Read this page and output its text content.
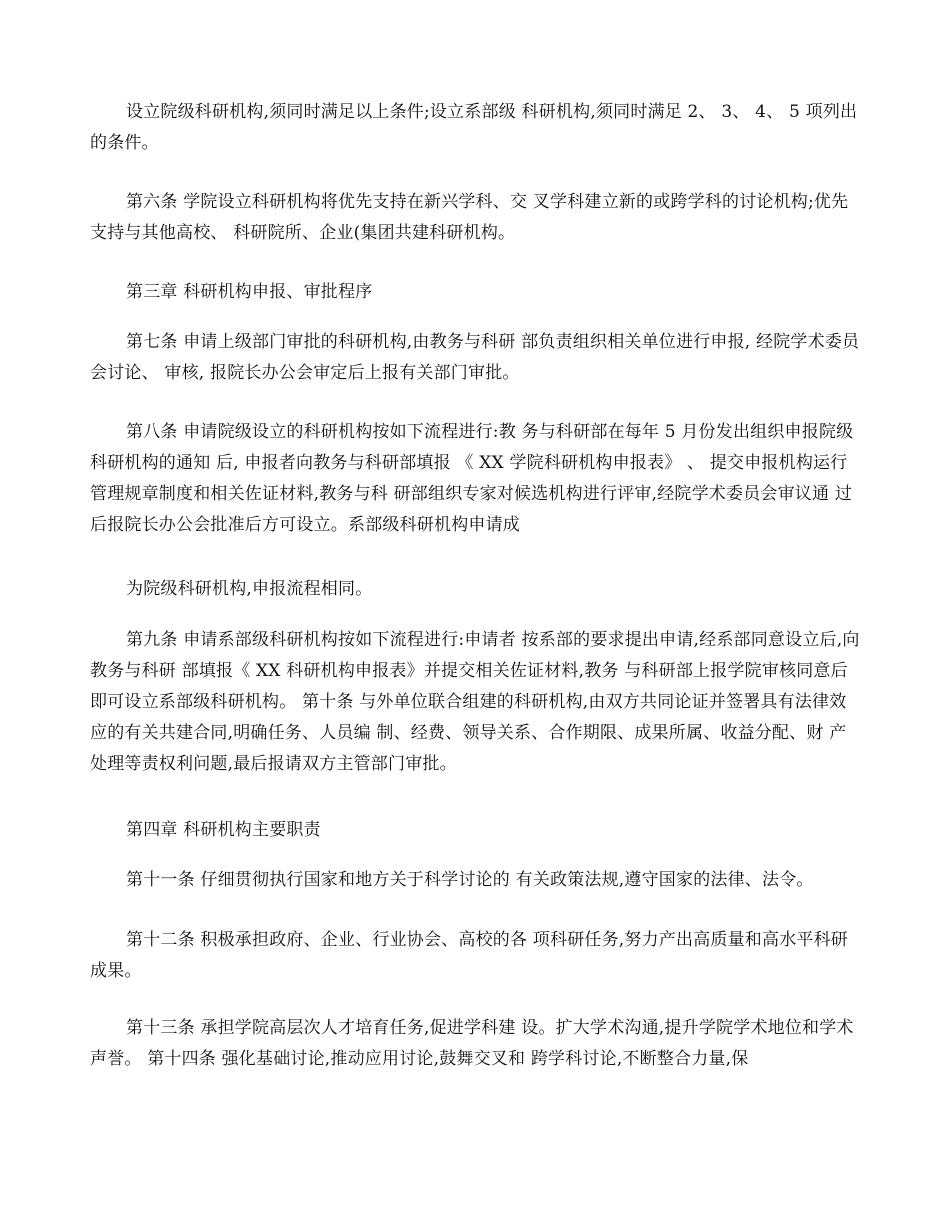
设立院级科研机构,须同时满足以上条件;设立系部级 科研机构,须同时满足 2、 3、 4、 5 项列出的条件。

第六条 学院设立科研机构将优先支持在新兴学科、交 叉学科建立新的或跨学科的讨论机构;优先支持与其他高校、 科研院所、企业(集团共建科研机构。

第三章 科研机构申报、审批程序

第七条 申请上级部门审批的科研机构,由教务与科研 部负责组织相关单位进行申报, 经院学术委员会讨论、 审核, 报院长办公会审定后上报有关部门审批。

第八条 申请院级设立的科研机构按如下流程进行:教 务与科研部在每年 5 月份发出组织申报院级科研机构的通知 后, 申报者向教务与科研部填报 《 XX 学院科研机构申报表》 、 提交申报机构运行管理规章制度和相关佐证材料,教务与科 研部组织专家对候选机构进行评审,经院学术委员会审议通 过后报院长办公会批准后方可设立。系部级科研机构申请成

为院级科研机构,申报流程相同。

第九条 申请系部级科研机构按如下流程进行:申请者 按系部的要求提出申请,经系部同意设立后,向教务与科研 部填报《 XX 科研机构申报表》并提交相关佐证材料,教务 与科研部上报学院审核同意后即可设立系部级科研机构。 第十条 与外单位联合组建的科研机构,由双方共同论证并签署具有法律效应的有关共建合同,明确任务、人员编 制、经费、领导关系、合作期限、成果所属、收益分配、财 产处理等责权利问题,最后报请双方主管部门审批。

第四章 科研机构主要职责

第十一条 仔细贯彻执行国家和地方关于科学讨论的 有关政策法规,遵守国家的法律、法令。

第十二条 积极承担政府、企业、行业协会、高校的各 项科研任务,努力产出高质量和高水平科研成果。

第十三条 承担学院高层次人才培育任务,促进学科建 设。扩大学术沟通,提升学院学术地位和学术声誉。 第十四条 强化基础讨论,推动应用讨论,鼓舞交叉和 跨学科讨论,不断整合力量,保
